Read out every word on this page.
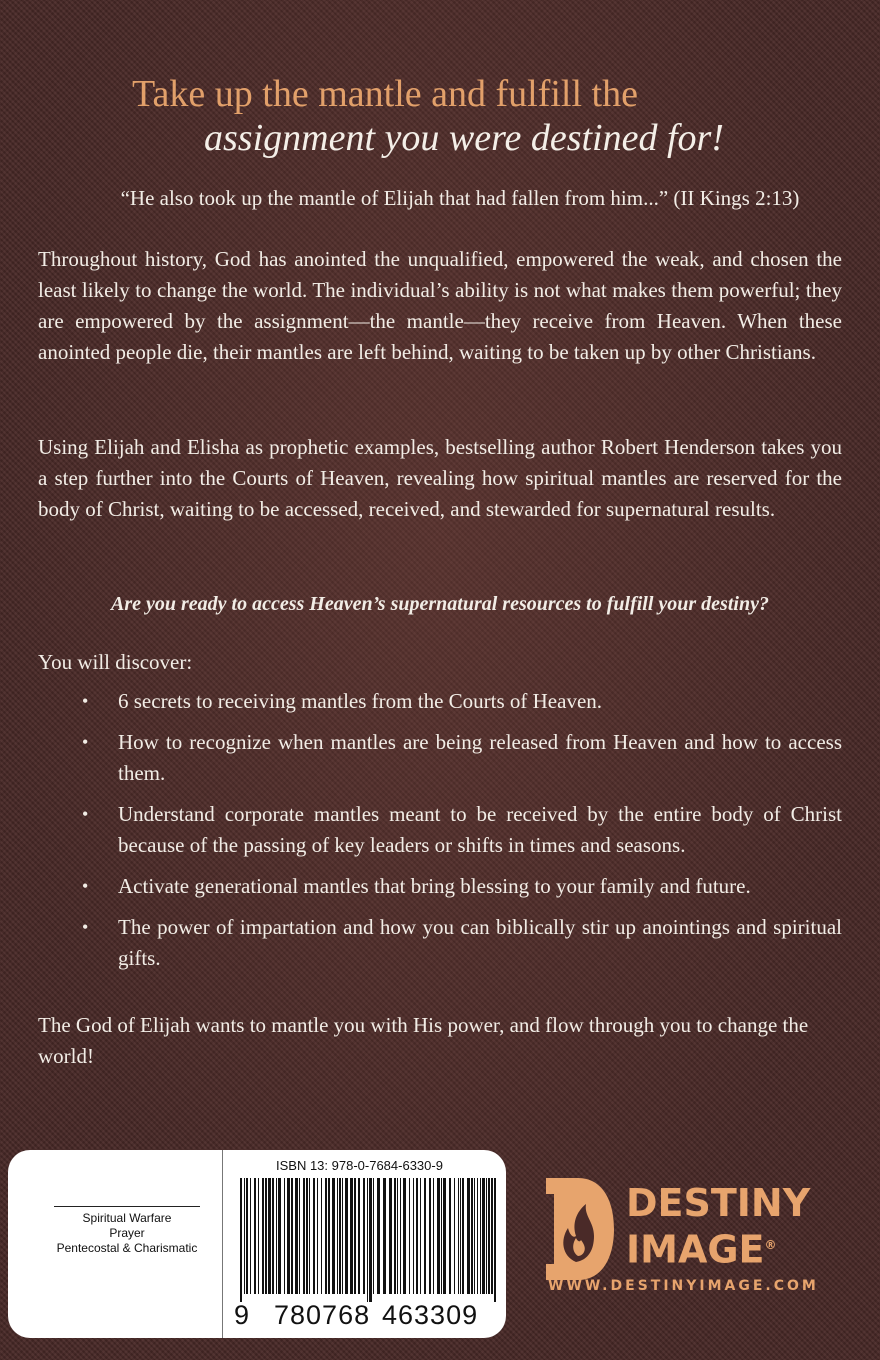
Take up the mantle and fulfill the
assignment you were destined for!
“He also took up the mantle of Elijah that had fallen from him...” (II Kings 2:13)

Throughout history, God has anointed the unqualified, empowered the weak, and chosen the least likely to change the world. The individual’s ability is not what makes them powerful; they are empowered by the assignment—the mantle—they receive from Heaven. When these anointed people die, their mantles are left behind, waiting to be taken up by other Christians.

Using Elijah and Elisha as prophetic examples, bestselling author Robert Henderson takes you a step further into the Courts of Heaven, revealing how spiritual mantles are reserved for the body of Christ, waiting to be accessed, received, and stewarded for supernatural results.

Are you ready to access Heaven’s supernatural resources to fulfill your destiny?
You will discover:
• 6 secrets to receiving mantles from the Courts of Heaven.
• How to recognize when mantles are being released from Heaven and how to access them.
• Understand corporate mantles meant to be received by the entire body of Christ because of the passing of key leaders or shifts in times and seasons.
• Activate generational mantles that bring blessing to your family and future.
• The power of impartation and how you can biblically stir up anointings and spiritual gifts.

The God of Elijah wants to mantle you with His power, and flow through you to change the world!

Spiritual Warfare
Prayer
Pentecostal & Charismatic
ISBN 13: 978-0-7684-6330-9
9 780768 463309
DESTINY
IMAGE®
WWW.DESTINYIMAGE.COM
